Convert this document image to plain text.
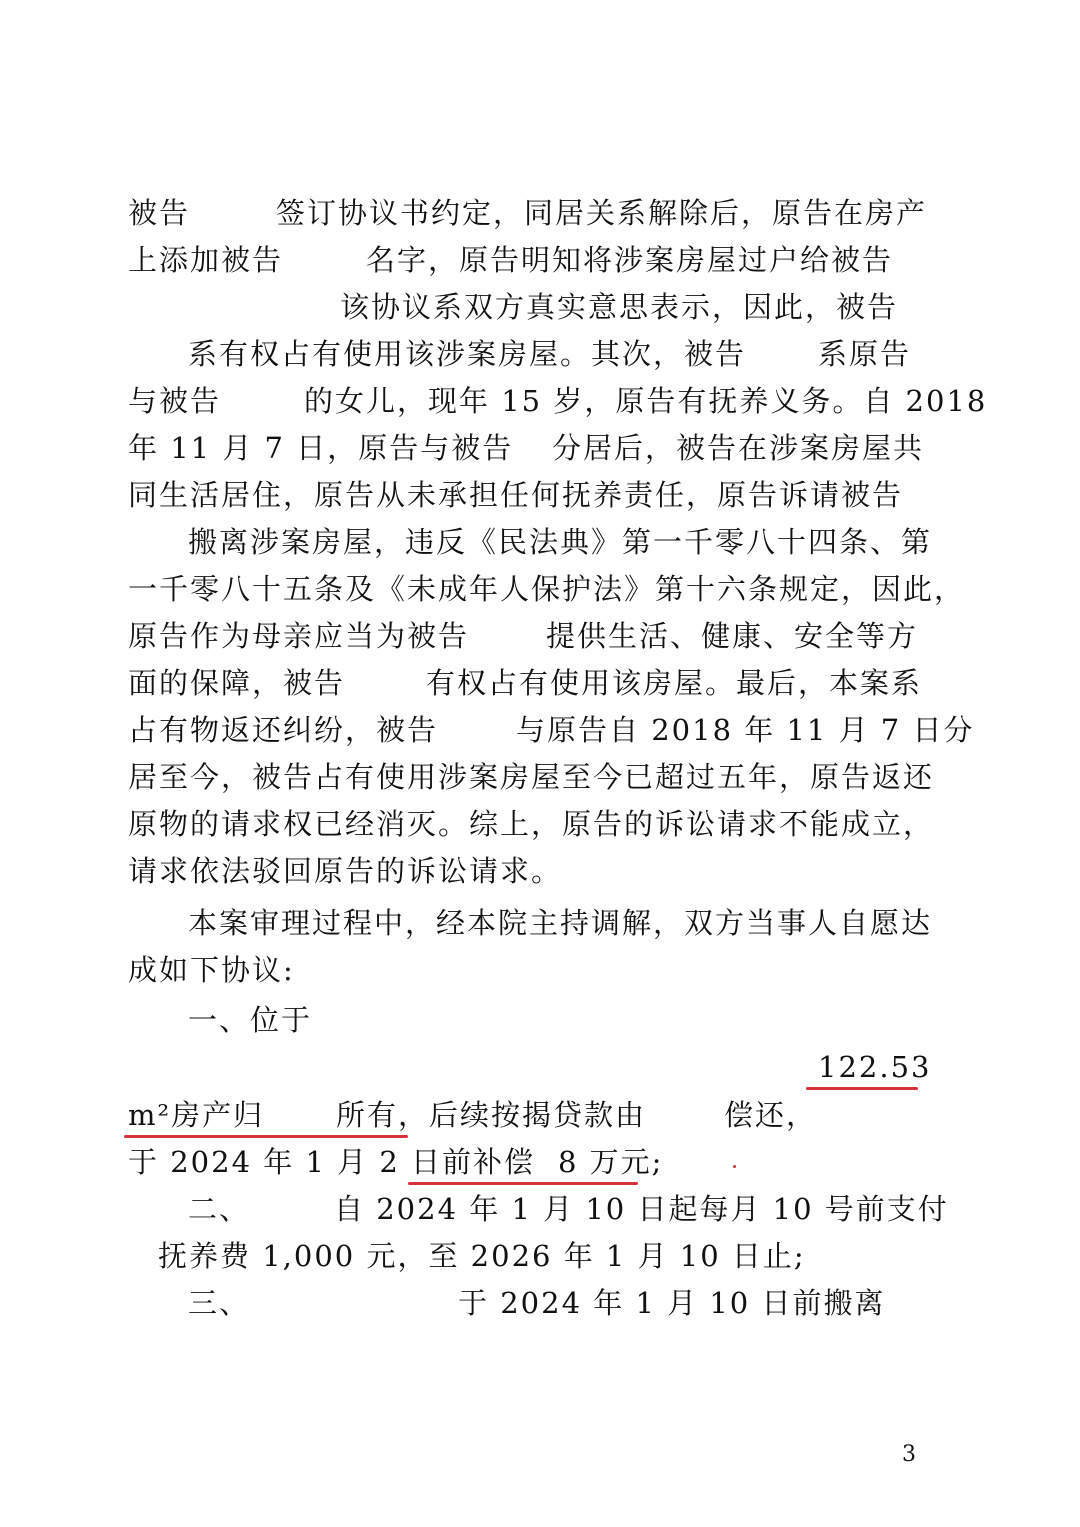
被告

	签订协议书约定，同居关系解除后，原告在房产

上添加被告

	名字，原告明知将涉案房屋过户给被告

该协议系双方真实意思表示，因此，被告

系有权占有使用该涉案房屋。其次，被告

系原告

与被告

	的女儿，现年 15 岁，原告有抚养义务。自 2018

年 11 月 7 日，原告与被告

分居后，被告在涉案房屋共

同生活居住，原告从未承担任何抚养责任，原告诉请被告

搬离涉案房屋，违反《民法典》第一千零八十四条、第

一千零八十五条及《未成年人保护法》第十六条规定，因此，

原告作为母亲应当为被告

	提供生活、健康、安全等方

面的保障，被告

	有权占有使用该房屋。最后，本案系

占有物返还纠纷，被告

	与原告自 2018 年 11 月 7 日分

居至今，被告占有使用涉案房屋至今已超过五年，原告返还

原物的请求权已经消灭。综上，原告的诉讼请求不能成立，

请求依法驳回原告的诉讼请求。

本案审理过程中，经本院主持调解，双方当事人自愿达

成如下协议:

一、位于

122.53

m²房产归

所有，后续按揭贷款由

	偿还，

于 2024 年 1 月 2 日前补偿

8 万元;

二、

	自 2024 年 1 月 10 日起每月 10 号前支付

抚养费 1,000 元，至 2026 年 1 月 10 日止;

三、

	于 2024 年 1 月 10 日前搬离

3
